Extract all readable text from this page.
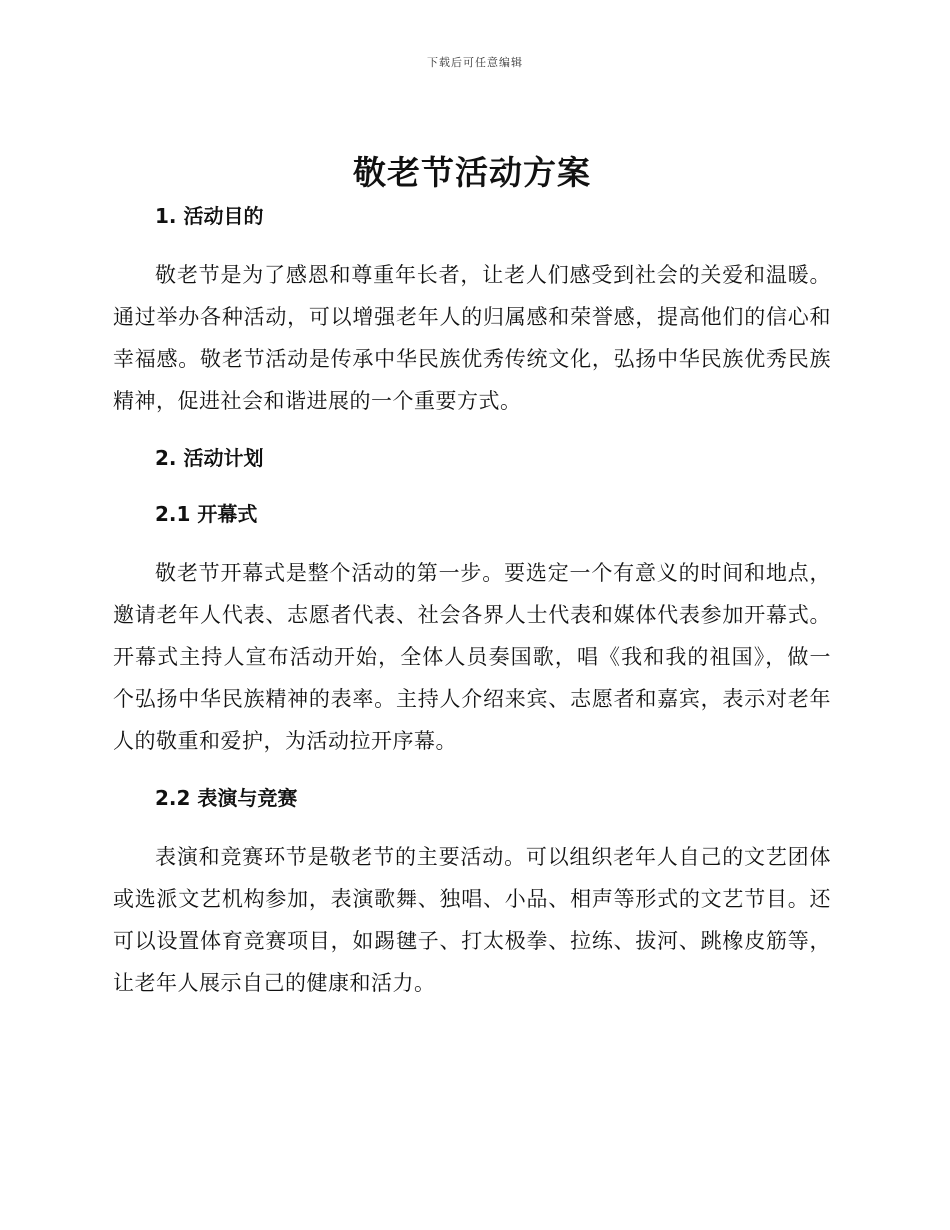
下载后可任意编辑
敬老节活动方案
1. 活动目的

敬老节是为了感恩和尊重年长者，让老人们感受到社会的关爱和温暖。通过举办各种活动，可以增强老年人的归属感和荣誉感，提高他们的信心和幸福感。敬老节活动是传承中华民族优秀传统文化，弘扬中华民族优秀民族精神，促进社会和谐进展的一个重要方式。

2. 活动计划
2.1 开幕式

敬老节开幕式是整个活动的第一步。要选定一个有意义的时间和地点，邀请老年人代表、志愿者代表、社会各界人士代表和媒体代表参加开幕式。开幕式主持人宣布活动开始，全体人员奏国歌，唱《我和我的祖国》，做一个弘扬中华民族精神的表率。主持人介绍来宾、志愿者和嘉宾，表示对老年人的敬重和爱护，为活动拉开序幕。

2.2 表演与竞赛

表演和竞赛环节是敬老节的主要活动。可以组织老年人自己的文艺团体或选派文艺机构参加，表演歌舞、独唱、小品、相声等形式的文艺节目。还可以设置体育竞赛项目，如踢毽子、打太极拳、拉练、拔河、跳橡皮筋等，让老年人展示自己的健康和活力。
